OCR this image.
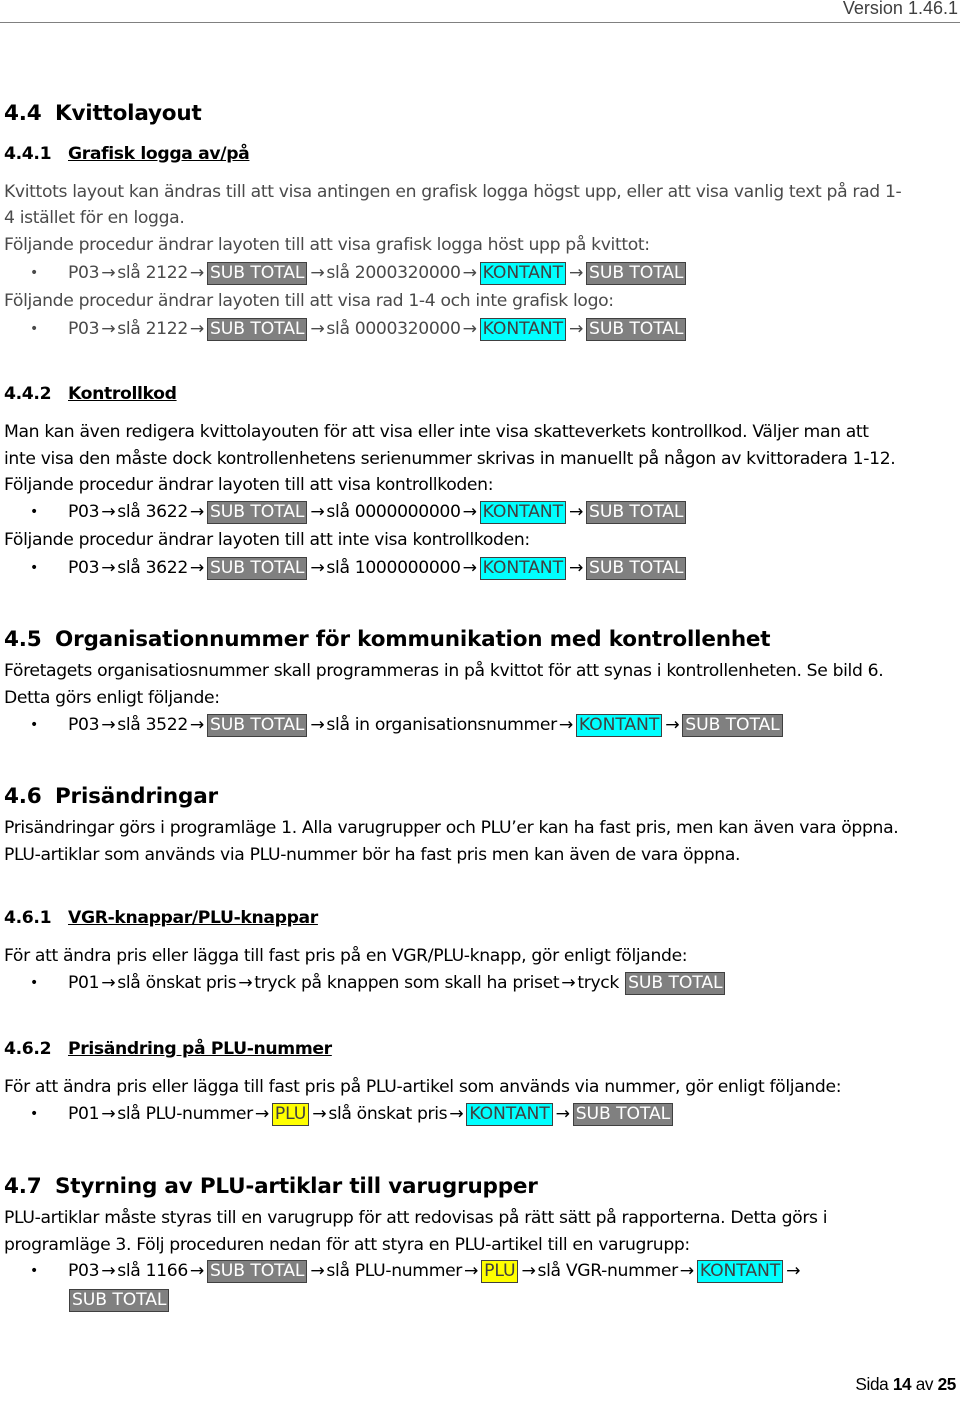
Version 1.46.1
4.4 Kvittolayout
4.4.1 Grafisk logga av/på
Kvittots layout kan ändras till att visa antingen en grafisk logga högst upp, eller att visa vanlig text på rad 1-
4 istället för en logga.
Följande procedur ändrar layoten till att visa grafisk logga höst upp på kvittot:
• P03 → slå 2122 → SUB TOTAL → slå 2000320000 → KONTANT → SUB TOTAL
Följande procedur ändrar layoten till att visa rad 1-4 och inte grafisk logo:
• P03 → slå 2122 → SUB TOTAL → slå 0000320000 → KONTANT → SUB TOTAL
4.4.2 Kontrollkod
Man kan även redigera kvittolayouten för att visa eller inte visa skatteverkets kontrollkod. Väljer man att
inte visa den måste dock kontrollenhetens serienummer skrivas in manuellt på någon av kvittoradera 1-12.
Följande procedur ändrar layoten till att visa kontrollkoden:
• P03 → slå 3622 → SUB TOTAL → slå 0000000000 → KONTANT → SUB TOTAL
Följande procedur ändrar layoten till att inte visa kontrollkoden:
• P03 → slå 3622 → SUB TOTAL → slå 1000000000 → KONTANT → SUB TOTAL
4.5 Organisationnummer för kommunikation med kontrollenhet
Företagets organisatiosnummer skall programmeras in på kvittot för att synas i kontrollenheten. Se bild 6.
Detta görs enligt följande:
• P03 → slå 3522 → SUB TOTAL → slå in organisationsnummer → KONTANT → SUB TOTAL
4.6 Prisändringar
Prisändringar görs i programläge 1. Alla varugrupper och PLU’er kan ha fast pris, men kan även vara öppna.
PLU-artiklar som används via PLU-nummer bör ha fast pris men kan även de vara öppna.
4.6.1 VGR-knappar/PLU-knappar
För att ändra pris eller lägga till fast pris på en VGR/PLU-knapp, gör enligt följande:
• P01 → slå önskat pris → tryck på knappen som skall ha priset → tryck SUB TOTAL
4.6.2 Prisändring på PLU-nummer
För att ändra pris eller lägga till fast pris på PLU-artikel som används via nummer, gör enligt följande:
• P01 → slå PLU-nummer → PLU → slå önskat pris → KONTANT → SUB TOTAL
4.7 Styrning av PLU-artiklar till varugrupper
PLU-artiklar måste styras till en varugrupp för att redovisas på rätt sätt på rapporterna. Detta görs i
programläge 3. Följ proceduren nedan för att styra en PLU-artikel till en varugrupp:
• P03 → slå 1166 → SUB TOTAL → slå PLU-nummer → PLU → slå VGR-nummer → KONTANT →
SUB TOTAL
Sida 14 av 25
